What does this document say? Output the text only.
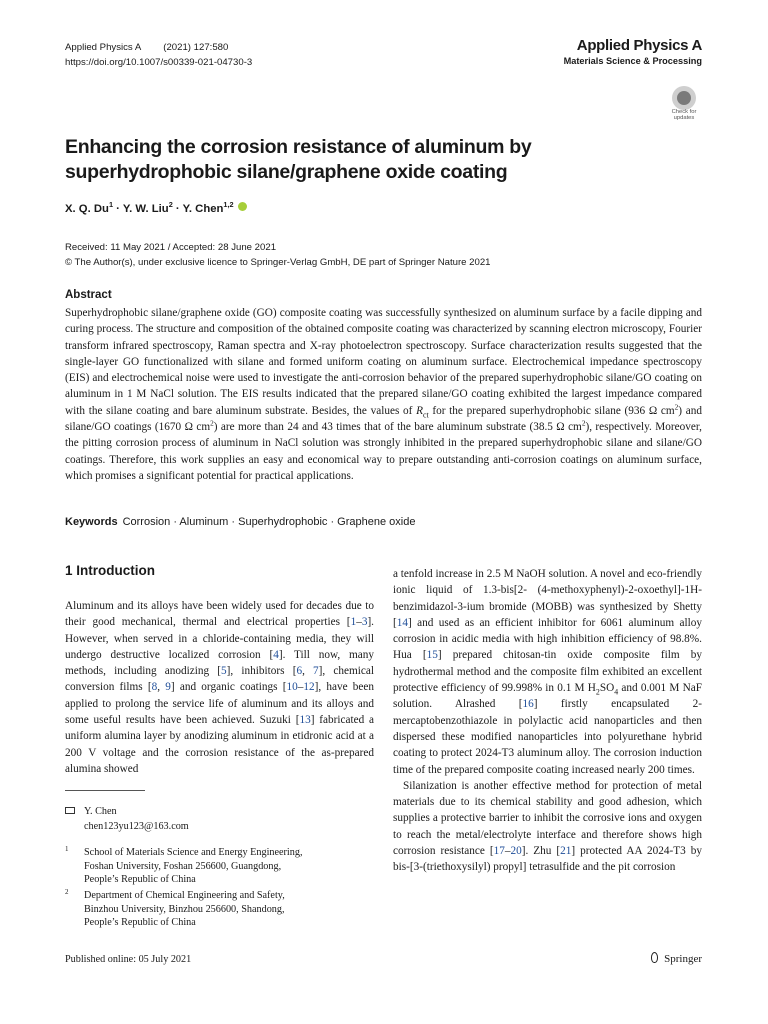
Applied Physics A (2021) 127:580
https://doi.org/10.1007/s00339-021-04730-3
Applied Physics A
Materials Science & Processing
Check for
updates
Enhancing the corrosion resistance of aluminum by superhydrophobic silane/graphene oxide coating
X. Q. $Du^1 \cdot Y$. W. Liu$^2$ · Y. Chen$^{1,2}$
Received: 11 May 2021 / Accepted: 28 June 2021
© The Author(s), under exclusive licence to Springer-Verlag GmbH, DE part of Springer Nature 2021
Abstract
Superhydrophobic silane/graphene oxide (GO) composite coating was successfully synthesized on aluminum surface by a facile dipping and curing process. The structure and composition of the obtained composite coating was characterized by scanning electron microscopy, Fourier transform infrared spectroscopy, Raman spectra and X-ray photoelectron spectroscopy. Surface characterization results suggested that the single-layer GO functionalized with silane and formed uniform coating on aluminum surface. Electrochemical impedance spectroscopy (EIS) and electrochemical noise were used to investigate the anti-corrosion behavior of the prepared superhydrophobic silane/GO coating on aluminum in 1 M NaCl solution. The EIS results indicated that the prepared silane/GO coating exhibited the largest impedance compared with the silane coating and bare aluminum substrate. Besides, the values of $R_{ct}$ for the prepared superhydrophobic silane (936 Ω $cm^2$) and silane/GO coatings (1670 Ω $cm^2$) are more than 24 and 43 times that of the bare aluminum substrate (38.5 Ω $cm^2$), respectively. Moreover, the pitting corrosion process of aluminum in NaCl solution was strongly inhibited in the prepared superhydrophobic silane and silane/GO coatings. Therefore, this work supplies an easy and economical way to prepare outstanding anti-corrosion coatings on aluminum surface, which promises a significant potential for practical applications.
Keywords Corrosion · Aluminum · Superhydrophobic · Graphene oxide
1 Introduction
Aluminum and its alloys have been widely used for decades due to their good mechanical, thermal and electrical properties [1–3]. However, when served in a chloride-containing media, they will undergo destructive localized corrosion [4]. Till now, many methods, including anodizing [5], inhibitors [6, 7], chemical conversion films [8, 9] and organic coatings [10–12], have been applied to prolong the service life of aluminum and its alloys and some useful results have been achieved. Suzuki [13] fabricated a uniform alumina layer by anodizing aluminum in etidronic acid at a 200 V voltage and the corrosion resistance of the as-prepared alumina showed

a tenfold increase in 2.5 M NaOH solution. A novel and eco-friendly ionic liquid of 1.3-bis[2- (4-methoxyphenyl)-2-oxoethyl]-1H-benzimidazol-3-ium bromide (MOBB) was synthesized by Shetty [14] and used as an efficient inhibitor for 6061 aluminum alloy corrosion in acidic media with high inhibition efficiency of 98.8%. Hua [15] prepared chitosan-tin oxide composite film by hydrothermal method and the composite film exhibited an excellent protective efficiency of 99.998% in 0.1 M $H_2SO_4$ and 0.001 M NaF solution. Alrashed [16] firstly encapsulated 2-mercaptobenzothiazole in polylactic acid nanoparticles and then dispersed these modified nanoparticles into polyurethane hybrid coating to protect 2024-T3 aluminum alloy. The corrosion induction time of the prepared composite coating increased nearly 200 times.

Silanization is another effective method for protection of metal materials due to its chemical stability and good adhesion, which supplies a protective barrier to inhibit the corrosive ions and oxygen to reach the metal/electrolyte interface and therefore shows high corrosion resistance [17–20]. Zhu [21] protected AA 2024-T3 by bis-[3-(triethoxysilyl) propyl] tetrasulfide and the pit corrosion

Y. Chen
chen123yu123@163.com
1 School of Materials Science and Energy Engineering,
Foshan University, Foshan 256600, Guangdong,
People’s Republic of China
2 Department of Chemical Engineering and Safety,
Binzhou University, Binzhou 256600, Shandong,
People’s Republic of China
Published online: 05 July 2021	Springer
